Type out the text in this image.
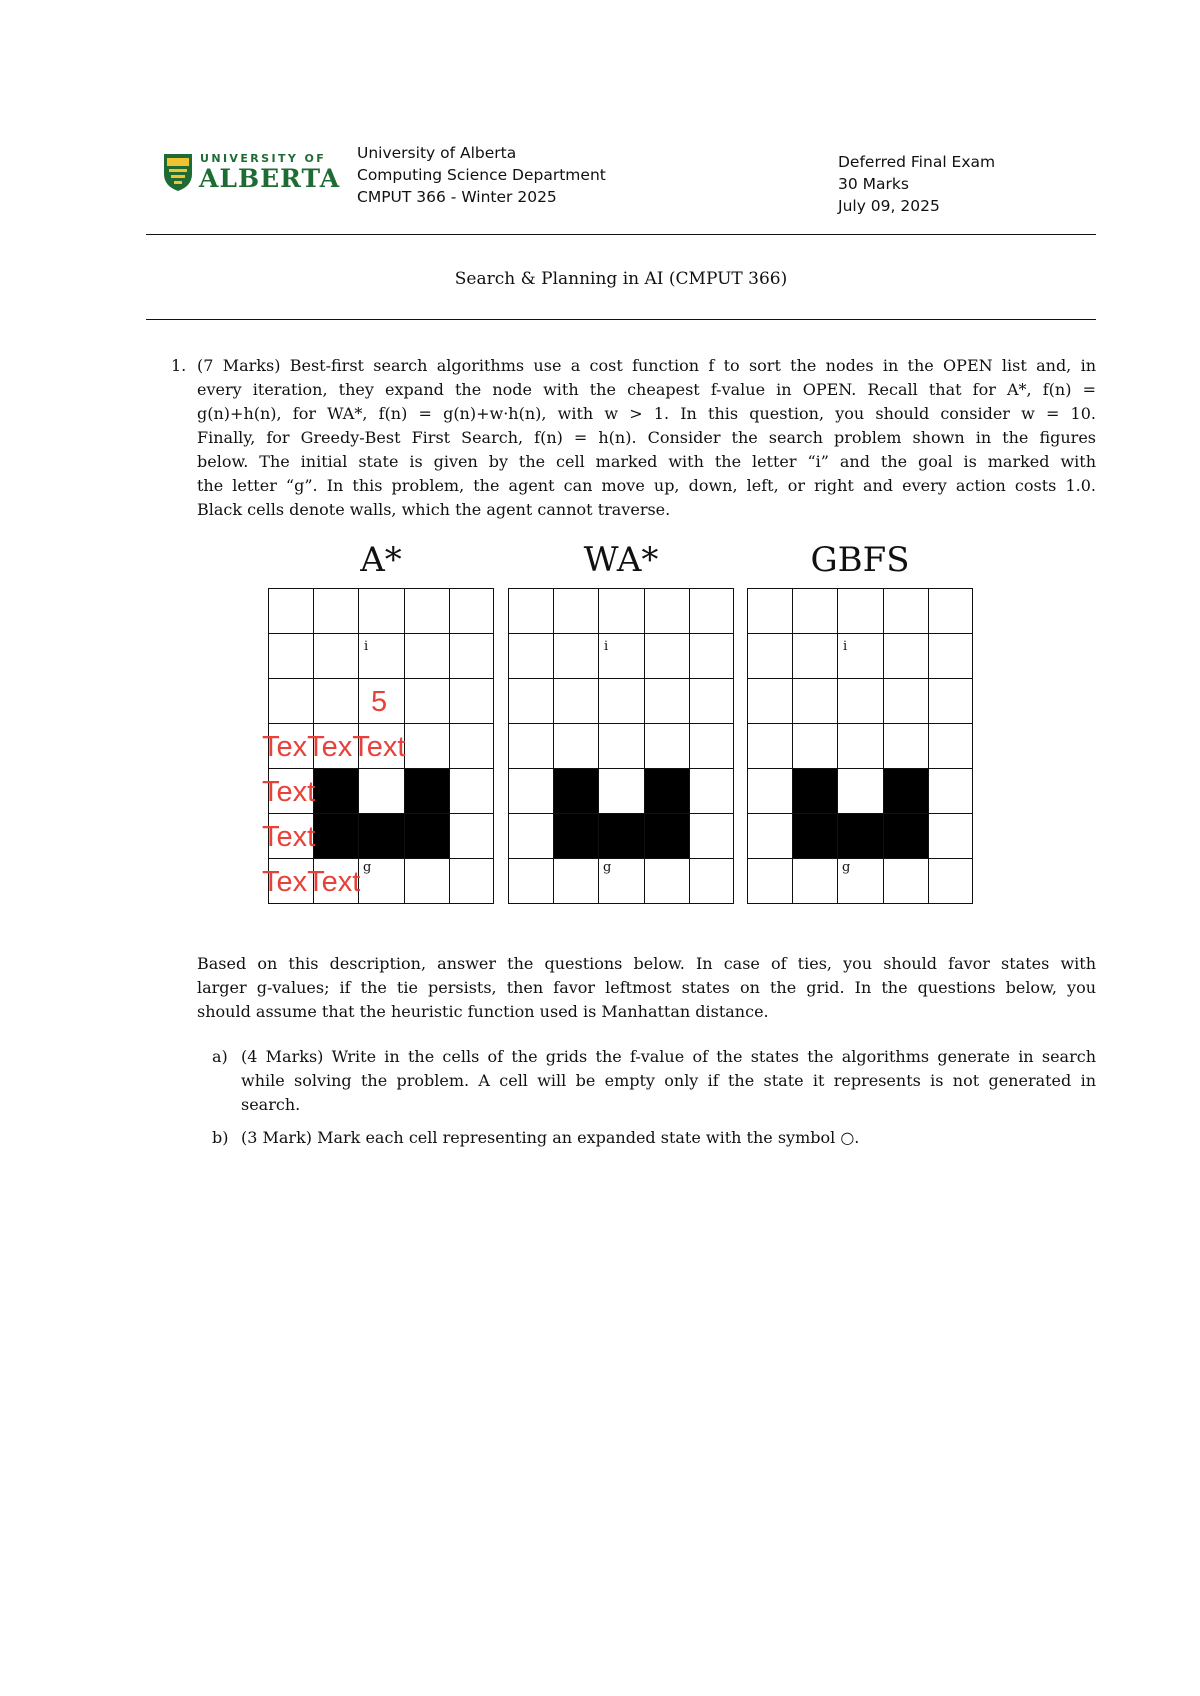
UNIVERSITY OF
ALBERTA
University of Alberta
Computing Science Department
CMPUT 366 - Winter 2025
Deferred Final Exam
30 Marks
July 09, 2025
Search & Planning in AI (CMPUT 366)
1. (7 Marks) Best-first search algorithms use a cost function f to sort the nodes in the OPEN list and, in
every iteration, they expand the node with the cheapest f-value in OPEN. Recall that for A*, f(n) =
g(n)+h(n), for WA*, f(n) = g(n)+w·h(n), with w > 1. In this question, you should consider w = 10.
Finally, for Greedy-Best First Search, f(n) = h(n). Consider the search problem shown in the figures
below. The initial state is given by the cell marked with the letter “i” and the goal is marked with
the letter “g”. In this problem, the agent can move up, down, left, or right and every action costs 1.0.
Black cells denote walls, which the agent cannot traverse.
A*	WA*	GBFS
i
g
i
g
i
g
5
TexTexText
Text
Text
TexText
Based on this description, answer the questions below. In case of ties, you should favor states with
larger g-values; if the tie persists, then favor leftmost states on the grid. In the questions below, you
should assume that the heuristic function used is Manhattan distance.
a) (4 Marks) Write in the cells of the grids the f-value of the states the algorithms generate in search
while solving the problem. A cell will be empty only if the state it represents is not generated in
search.
b) (3 Mark) Mark each cell representing an expanded state with the symbol ○.
